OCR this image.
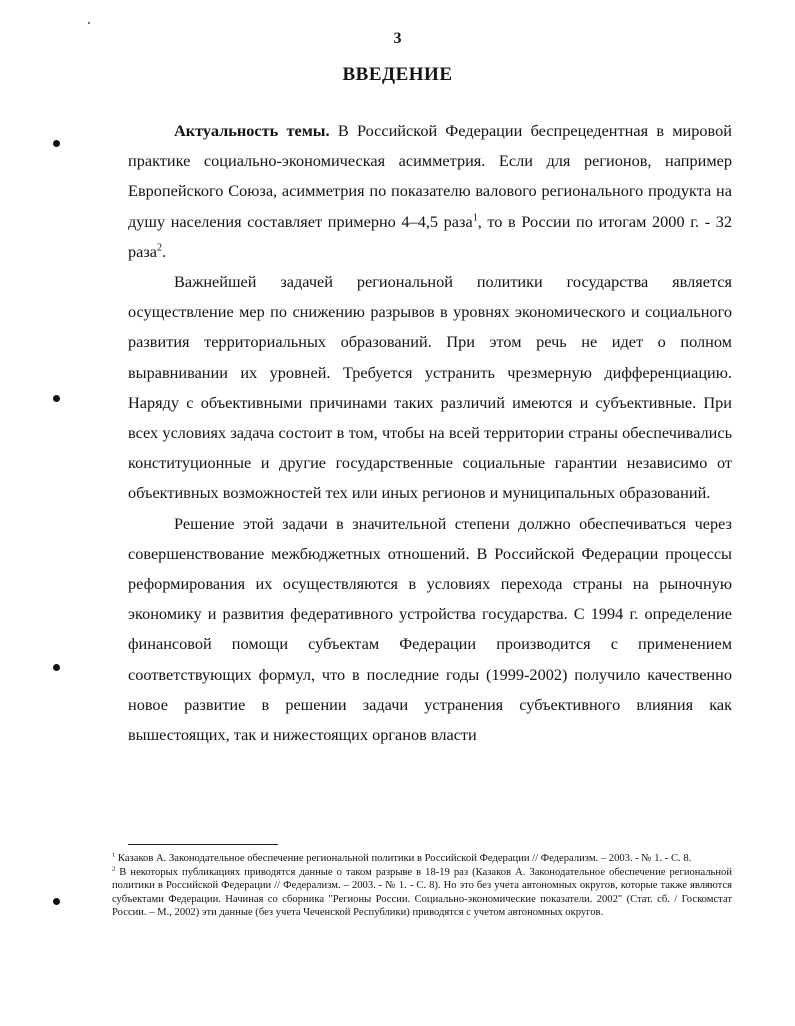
3
ВВЕДЕНИЕ

Актуальность темы. В Российской Федерации беспрецедентная в мировой практике социально-экономическая асимметрия. Если для регионов, например Европейского Союза, асимметрия по показателю валового регионального продукта на душу населения составляет примерно 4–4,5 раза$^1$, то в России по итогам 2000 г. - 32 раза$^2$.

Важнейшей задачей региональной политики государства является осуществление мер по снижению разрывов в уровнях экономического и социального развития территориальных образований. При этом речь не идет о полном выравнивании их уровней. Требуется устранить чрезмерную дифференциацию. Наряду с объективными причинами таких различий имеются и субъективные. При всех условиях задача состоит в том, чтобы на всей территории страны обеспечивались конституционные и другие государственные социальные гарантии независимо от объективных возможностей тех или иных регионов и муниципальных образований.

Решение этой задачи в значительной степени должно обеспечиваться через совершенствование межбюджетных отношений. В Российской Федерации процессы реформирования их осуществляются в условиях перехода страны на рыночную экономику и развития федеративного устройства государства. С 1994 г. определение финансовой помощи субъектам Федерации производится с применением соответствующих формул, что в последние годы (1999-2002) получило качественно новое развитие в решении задачи устранения субъективного влияния как вышестоящих, так и нижестоящих органов власти

$^1$ Казаков А. Законодательное обеспечение региональной политики в Российской Федерации // Федерализм. – 2003. - № 1. - С. 8.

$^2$ В некоторых публикациях приводятся данные о таком разрыве в 18-19 раз (Казаков А. Законодательное обеспечение региональной политики в Российской Федерации // Федерализм. – 2003. - № 1. - С. 8). Но это без учета автономных округов, которые также являются субъектами Федерации. Начиная со сборника "Регионы России. Социально-экономические показатели. 2002" (Стат. сб. / Госкомстат России. – М., 2002) эти данные (без учета Чеченской Республики) приводятся с учетом автономных округов.
